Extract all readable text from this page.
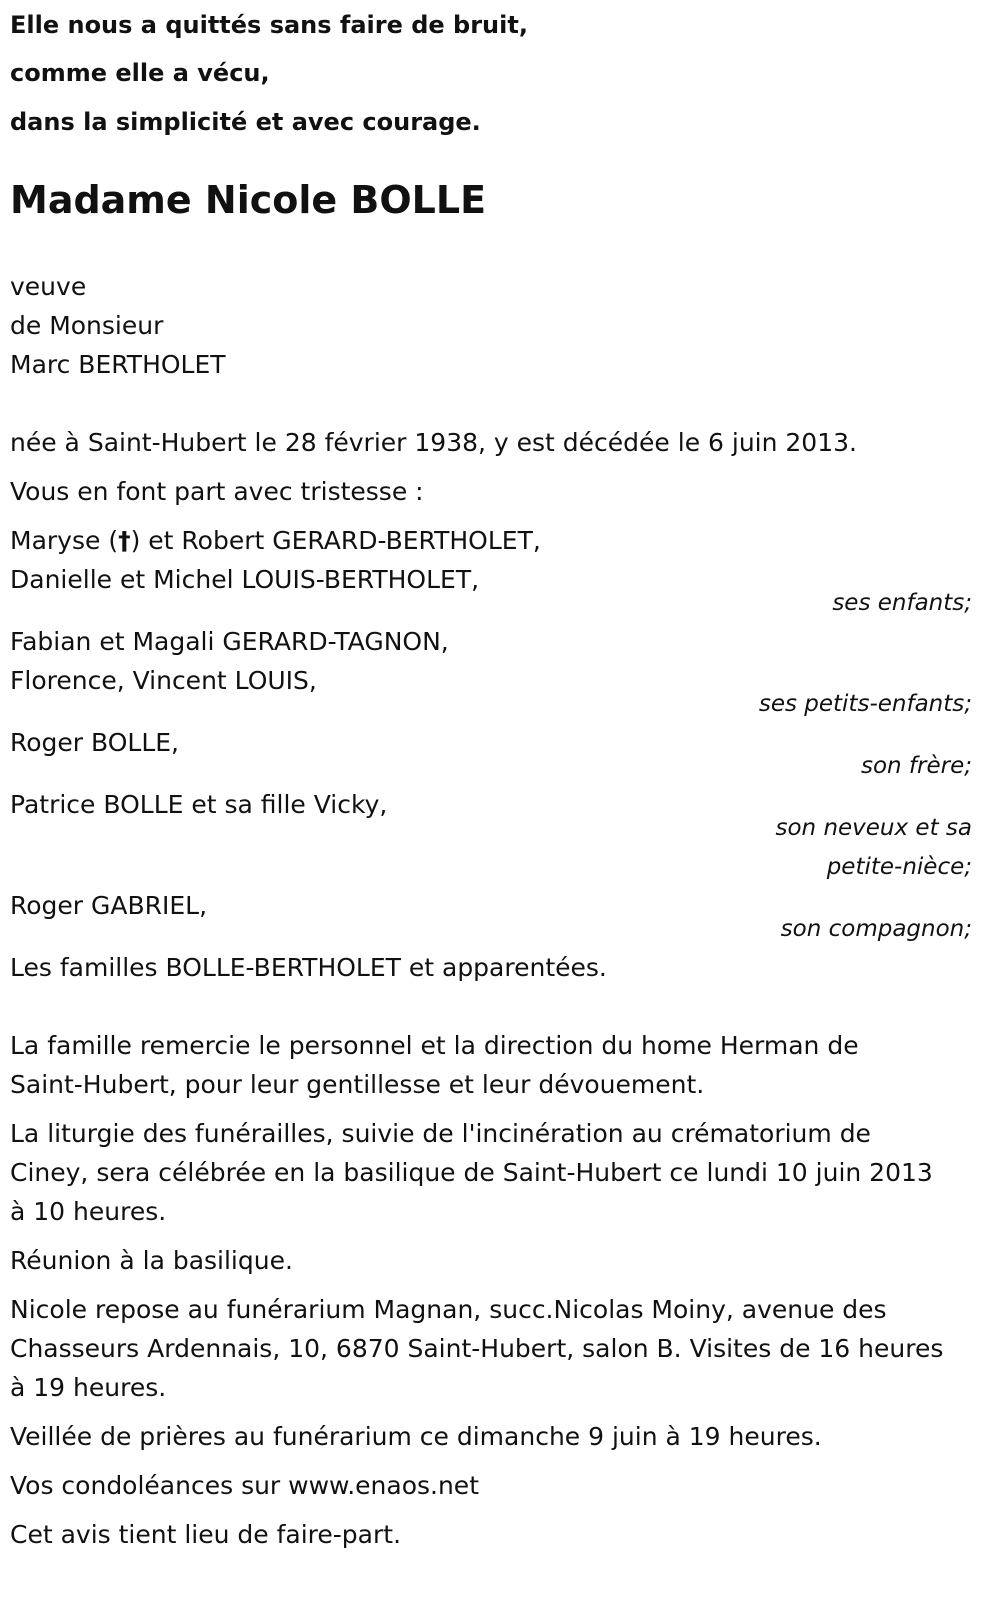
Elle nous a quittés sans faire de bruit,
comme elle a vécu,
dans la simplicité et avec courage.
Madame Nicole BOLLE
veuve
de Monsieur
Marc BERTHOLET
née à Saint-Hubert le 28 février 1938, y est décédée le 6 juin 2013.
Vous en font part avec tristesse :
Maryse (†) et Robert GERARD-BERTHOLET,
Danielle et Michel LOUIS-BERTHOLET,
ses enfants;
Fabian et Magali GERARD-TAGNON,
Florence, Vincent LOUIS,
ses petits-enfants;
Roger BOLLE,
son frère;
Patrice BOLLE et sa fille Vicky,
son neveux et sa
petite-nièce;
Roger GABRIEL,
son compagnon;
Les familles BOLLE-BERTHOLET et apparentées.
La famille remercie le personnel et la direction du home Herman de
Saint-Hubert, pour leur gentillesse et leur dévouement.
La liturgie des funérailles, suivie de l'incinération au crématorium de
Ciney, sera célébrée en la basilique de Saint-Hubert ce lundi 10 juin 2013
à 10 heures.
Réunion à la basilique.
Nicole repose au funérarium Magnan, succ.Nicolas Moiny, avenue des
Chasseurs Ardennais, 10, 6870 Saint-Hubert, salon B. Visites de 16 heures
à 19 heures.
Veillée de prières au funérarium ce dimanche 9 juin à 19 heures.
Vos condoléances sur www.enaos.net
Cet avis tient lieu de faire-part.
